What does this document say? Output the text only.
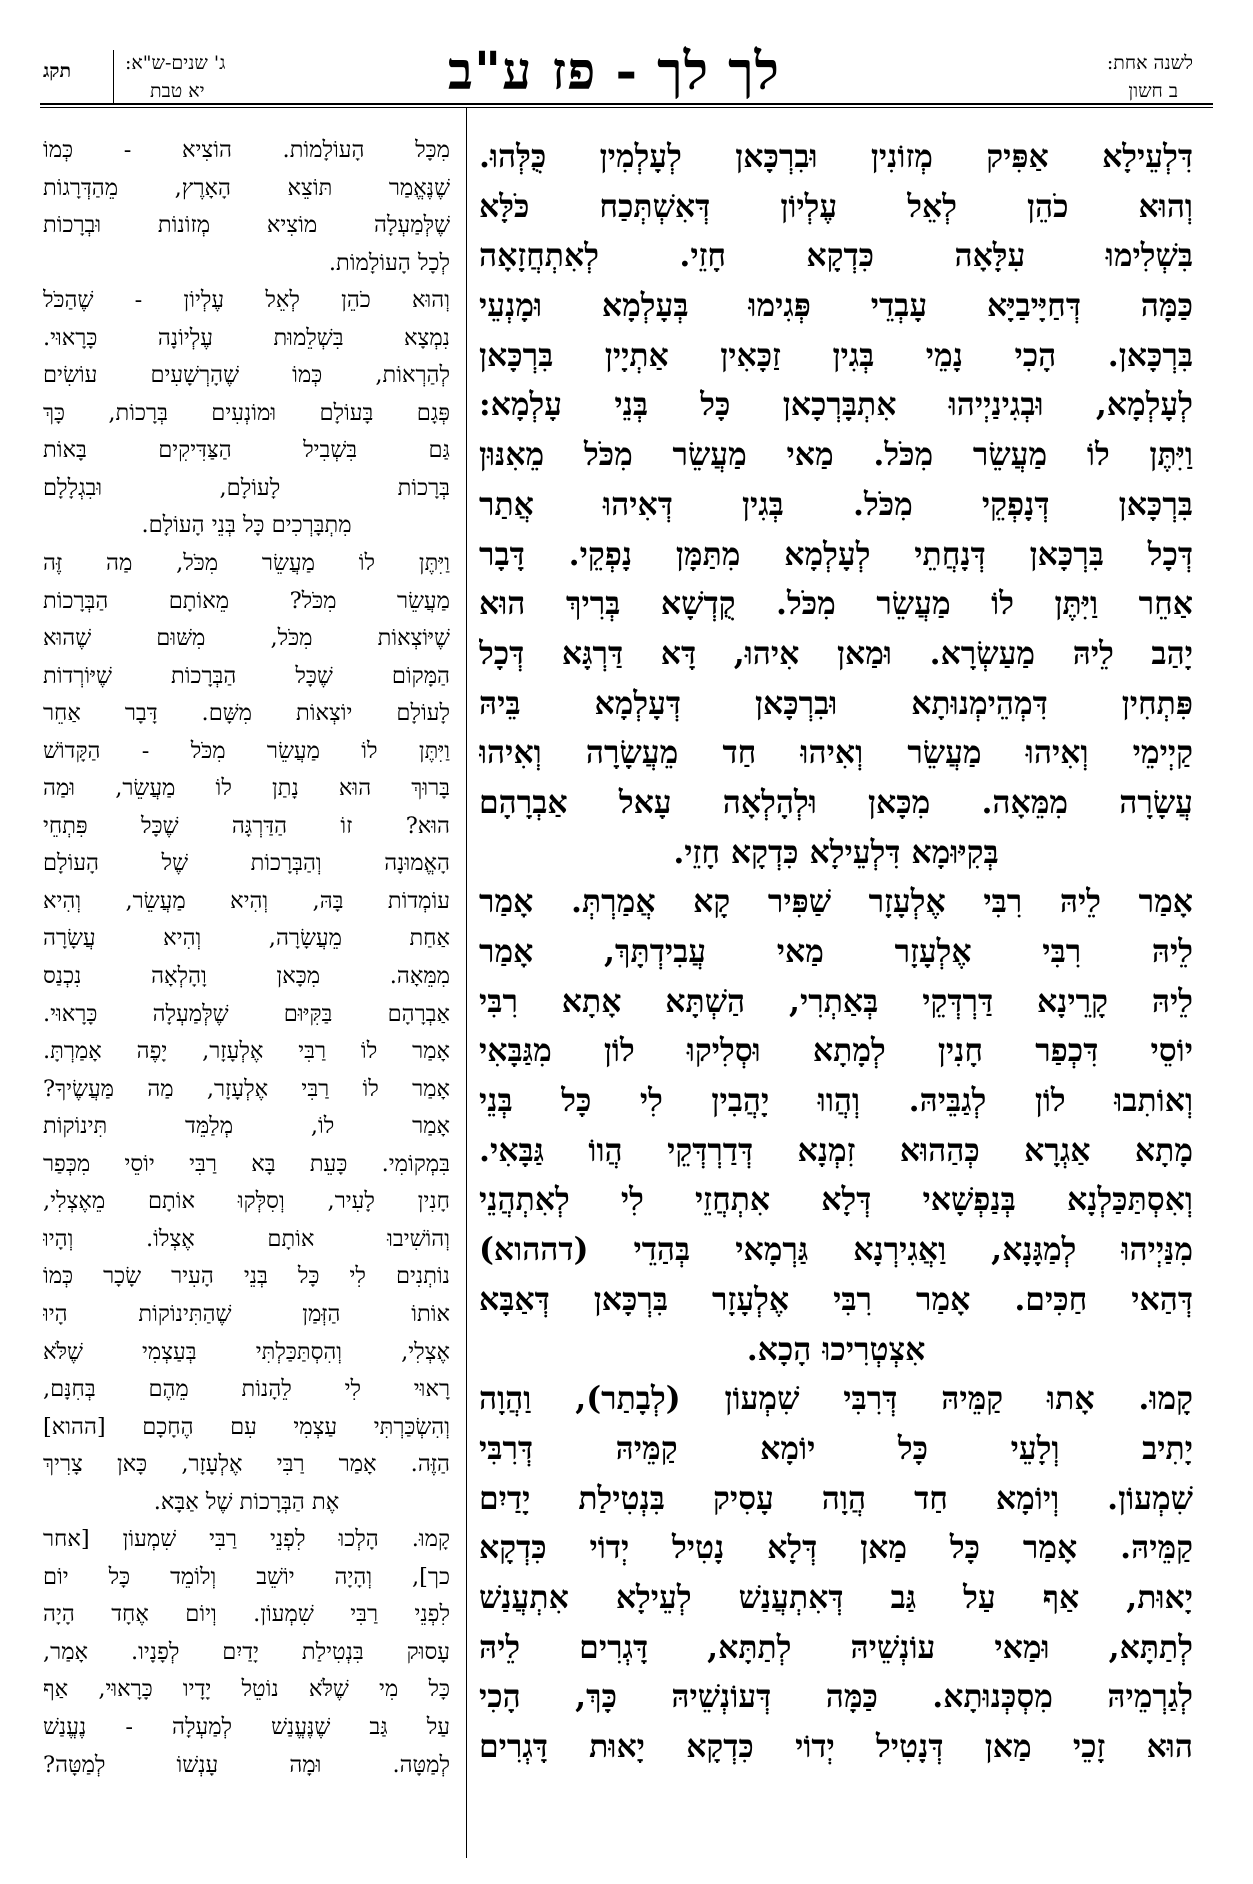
לשנה אחת:
ב חשון
לך לך - פז ע"ב
ג' שנים-ש"א:
יא טבת
תקג
דִּלְעֵילָא אַפִּיק מְזוֹנִין וּבִרְכָּאן לְעָלְמִין כֻּלְּהוּ.
וְהוּא כֹהֵן לְאֵל עֶלְיוֹן דְּאִשְׁתְּכַח כֹּלָּא
בִּשְׁלִימוּ עִלָּאָה כִּדְקָא חָזֵי. לְאִתְחֲזָאָה
כַּמָּה דְּחַיָּיבַיָּא עָבְדֵי פְּגִימוּ בְּעָלְמָא וּמָנְעֵי
בִּרְכָּאן. הָכִי נָמֵי בְּגִין זַכָּאִין אַתְיָין בִּרְכָּאן
לְעָלְמָא, וּבְגִינַיְיהוּ אִתְבָּרְכָאן כָּל בְּנֵי עָלְמָא:
וַיִּתֶּן לוֹ מַעֲשֵׂר מִכֹּל. מַאי מַעֲשֵׂר מִכֹּל מֵאִנּוּן
בִּרְכָּאן דְּנָפְקֵי מִכֹּל. בְּגִין דְּאִיהוּ אֲתַר
דְּכָל בִּרְכָּאן דְּנָחֲתֵי לְעָלְמָא מִתַּמָּן נָפְקֵי. דָּבָר
אַחֵר וַיִּתֶּן לוֹ מַעֲשֵׂר מִכֹּל. קֻדְשָׁא בְּרִיךְ הוּא
יָהַב לֵיהּ מַעַשְׂרָא. וּמַאן אִיהוּ, דָּא דַּרְגָּא דְּכָל
פִּתְחִין דִּמְהֵימְנוּתָא וּבִרְכָּאן דְּעָלְמָא בֵּיהּ
קַיְימֵי וְאִיהוּ מַעֲשֵׂר וְאִיהוּ חַד מֵעֲשָׂרָה וְאִיהוּ
עֲשָׂרָה מִמֵּאָה. מִכָּאן וּלְהָלְאָה עָאל אַבְרָהָם
בְּקִיּוּמָא דִּלְעֵילָא כִּדְקָא חָזֵי.
אָמַר לֵיהּ רִבִּי אֶלְעָזָר שַׁפִּיר קָא אֲמַרְתְּ. אָמַר
לֵיהּ רִבִּי אֶלְעָזָר מַאי עֲבִידְתָּךְ, אָמַר
לֵיהּ קָרֵינָא דַּרְדְּקֵי בְּאַתְרִי, הַשְׁתָּא אָתָא רִבִּי
יוֹסֵי דִּכְפַר חָנִין לְמָתָא וּסְלִיקוּ לוֹן מִגַּבָּאִי
וְאוֹתִבוּ לוֹן לְגַבֵּיהּ. וְהֲווּ יָהֲבִין לִי כָּל בְּנֵי
מָתָא אַגְרָא כְּהַהוּא זִמְנָא דְּדַרְדְּקֵי הֲווֹ גַּבָּאִי.
וְאִסְתַּכַּלְנָא בְּנַפְשָׁאי דְּלָא אִתְחֲזֵי לִי לְאִתְהֲנֵי
מִנַּיְיהוּ לְמַגָּנָא, וַאֲגִירְנָא גַּרְמָאי בְּהַדֵי (דההוא)
דְּהַאי חַכִּים. אָמַר רִבִּי אֶלְעָזָר בִּרְכָּאן דְּאַבָּא
אִצְטְרִיכוּ הָכָא.
קָמוּ. אָתוּ קַמֵּיהּ דְּרִבִּי שִׁמְעוֹן (לְבָתַר), וַהֲוָה
יָתִיב וְלָעֵי כָּל יוֹמָא קַמֵּיהּ דְּרִבִּי
שִׁמְעוֹן. וְיוֹמָא חַד הֲוָה עָסִיק בִּנְטִילַת יָדַיִם
קַמֵּיהּ. אָמַר כָּל מַאן דְּלָא נָטִיל יְדוֹי כִּדְקָא
יָאוּת, אַף עַל גַּב דְּאִתְעֲנַשׁ לְעֵילָא אִתְעֲנַשׁ
לְתַתָּא, וּמַאי עוֹנְשֵׁיהּ לְתַתָּא, דָּגְרִים לֵיהּ
לְגַרְמֵיהּ מִסְכְּנוּתָא. כַּמָּה דְּעוֹנְשֵׁיהּ כָּךְ, הָכִי
הוּא זָכֵי מַאן דְּנָטִיל יְדוֹי כִּדְקָא יָאוּת דָּגְרִים
מִכָּל הָעוֹלָמוֹת. הוֹצִיא - כְּמוֹ
שֶׁנֶּאֱמַר תּוֹצֵא הָאָרֶץ, מֵהַדְּרָגוֹת
שֶׁלְּמַעְלָה מוֹצִיא מְזוֹנוֹת וּבְרָכוֹת
לְכָל הָעוֹלָמוֹת.
וְהוּא כֹהֵן לְאֵל עֶלְיוֹן - שֶׁהַכֹּל
נִמְצָא בִּשְׁלֵמוּת עֶלְיוֹנָה כָּרָאוּי.
לְהַרְאוֹת, כְּמוֹ שֶׁהָרְשָׁעִים עוֹשִׂים
פְּגָם בָּעוֹלָם וּמוֹנְעִים בְּרָכוֹת, כָּךְ
גַּם בִּשְׁבִיל הַצַּדִּיקִים בָּאוֹת
בְּרָכוֹת לָעוֹלָם, וּבִגְלָלָם
מִתְבָּרְכִים כָּל בְּנֵי הָעוֹלָם.
וַיִּתֶּן לוֹ מַעֲשֵׂר מִכֹּל, מַה זֶּה
מַעֲשֵׂר מִכֹּל? מֵאוֹתָם הַבְּרָכוֹת
שֶׁיּוֹצְאוֹת מִכֹּל, מִשּׁוּם שֶׁהוּא
הַמָּקוֹם שֶׁכָּל הַבְּרָכוֹת שֶׁיּוֹרְדוֹת
לָעוֹלָם יוֹצְאוֹת מִשָּׁם. דָּבָר אַחֵר
וַיִּתֶּן לוֹ מַעֲשֵׂר מִכֹּל - הַקָּדוֹשׁ
בָּרוּךְ הוּא נָתַן לוֹ מַעֲשֵׂר, וּמַה
הוּא? זוֹ הַדַּרְגָּה שֶׁכָּל פִּתְחֵי
הָאֱמוּנָה וְהַבְּרָכוֹת שֶׁל הָעוֹלָם
עוֹמְדוֹת בָּהּ, וְהִיא מַעֲשֵׂר, וְהִיא
אַחַת מֵעֲשָׂרָה, וְהִיא עֲשָׂרָה
מִמֵּאָה. מִכָּאן וָהָלְאָה נִכְנַס
אַבְרָהָם בַּקִּיּוּם שֶׁלְּמַעְלָה כָּרָאוּי.
אָמַר לוֹ רַבִּי אֶלְעָזָר, יָפֶה אָמַרְתָּ.
אָמַר לוֹ רַבִּי אֶלְעָזָר, מַה מַּעֲשֶׂיךָ?
אָמַר לוֹ, מְלַמֵּד תִּינוֹקוֹת
בִּמְקוֹמִי. כָּעֵת בָּא רַבִּי יוֹסֵי מִכְּפַר
חָנִין לָעִיר, וְסִלְּקוּ אוֹתָם מֵאֶצְלִי,
וְהוֹשִׁיבוּ אוֹתָם אֶצְלוֹ. וְהָיוּ
נוֹתְנִים לִי כָּל בְּנֵי הָעִיר שָׂכָר כְּמוֹ
אוֹתוֹ הַזְּמַן שֶׁהַתִּינוֹקוֹת הָיוּ
אֶצְלִי, וְהִסְתַּכַּלְתִּי בְּעַצְמִי שֶׁלֹּא
רָאוּי לִי לֵהָנוֹת מֵהֶם בְּחִנָּם,
וְהִשְׂכַּרְתִּי עַצְמִי עִם הֶחָכָם [ההוא]
הַזֶּה. אָמַר רַבִּי אֶלְעָזָר, כָּאן צָרִיךְ
אֶת הַבְּרָכוֹת שֶׁל אַבָּא.
קָמוּ. הָלְכוּ לִפְנֵי רַבִּי שִׁמְעוֹן [אחר
כך], וְהָיָה יוֹשֵׁב וְלוֹמֵד כָּל יוֹם
לִפְנֵי רַבִּי שִׁמְעוֹן. וְיוֹם אֶחָד הָיָה
עָסוּק בִּנְטִילַת יָדַיִם לְפָנָיו. אָמַר,
כָּל מִי שֶׁלֹּא נוֹטֵל יָדָיו כָּרָאוּי, אַף
עַל גַּב שֶׁנֶּעֱנַשׁ לְמַעְלָה - נֶעֱנַשׁ
לְמַטָּה. וּמָה עָנְשׁוֹ לְמַטָּה?
